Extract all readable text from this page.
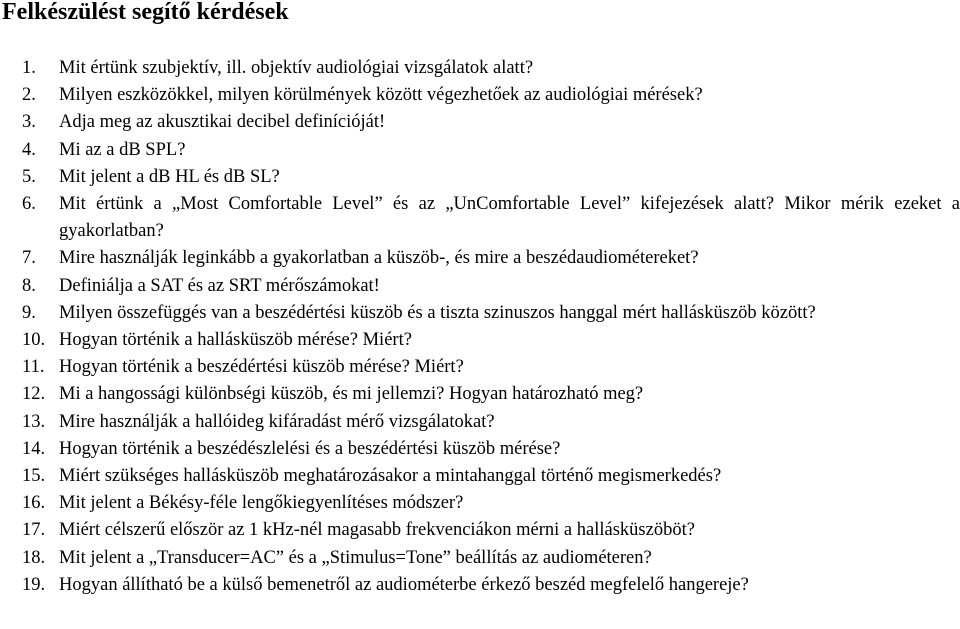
Felkészülést segítő kérdések
1.	Mit értünk szubjektív, ill. objektív audiológiai vizsgálatok alatt?
2.	Milyen eszközökkel, milyen körülmények között végezhetőek az audiológiai mérések?
3.	Adja meg az akusztikai decibel definícióját!
4.	Mi az a dB SPL?
5.	Mit jelent a dB HL és dB SL?
6.	Mit értünk a „Most Comfortable Level” és az „UnComfortable Level” kifejezések alatt? Mikor mérik ezeket a gyakorlatban?
7.	Mire használják leginkább a gyakorlatban a küszöb-, és mire a beszédaudiométereket?
8.	Definiálja a SAT és az SRT mérőszámokat!
9.	Milyen összefüggés van a beszédértési küszöb és a tiszta szinuszos hanggal mért hallásküszöb között?
10. Hogyan történik a hallásküszöb mérése? Miért?
11. Hogyan történik a beszédértési küszöb mérése? Miért?
12. Mi a hangossági különbségi küszöb, és mi jellemzi? Hogyan határozható meg?
13. Mire használják a hallóideg kifáradást mérő vizsgálatokat?
14. Hogyan történik a beszédészlelési és a beszédértési küszöb mérése?
15. Miért szükséges hallásküszöb meghatározásakor a mintahanggal történő megismerkedés?
16. Mit jelent a Békésy-féle lengőkiegyenlítéses módszer?
17. Miért célszerű először az 1 kHz-nél magasabb frekvenciákon mérni a hallásküszöböt?
18. Mit jelent a „Transducer=AC” és a „Stimulus=Tone” beállítás az audiométeren?
19. Hogyan állítható be a külső bemenetről az audiométerbe érkező beszéd megfelelő hangereje?
